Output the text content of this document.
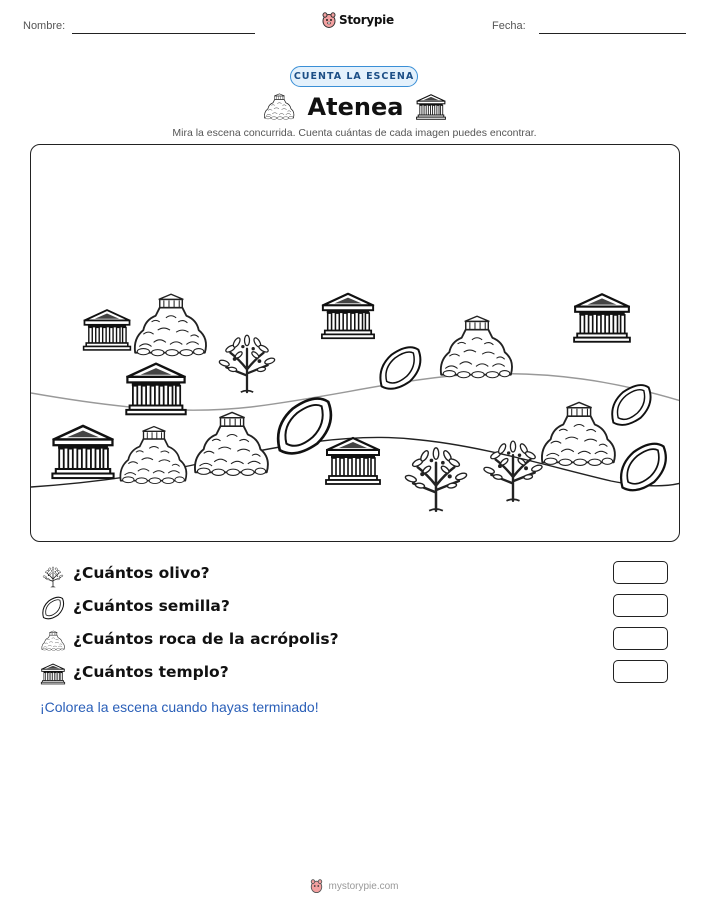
Nombre:	Storypie	Fecha:
CUENTA LA ESCENA
Atenea
Mira la escena concurrida. Cuenta cuántas de cada imagen puedes encontrar.
¿Cuántos olivo?
¿Cuántos semilla?
¿Cuántos roca de la acrópolis?
¿Cuántos templo?
¡Colorea la escena cuando hayas terminado!
mystorypie.com
